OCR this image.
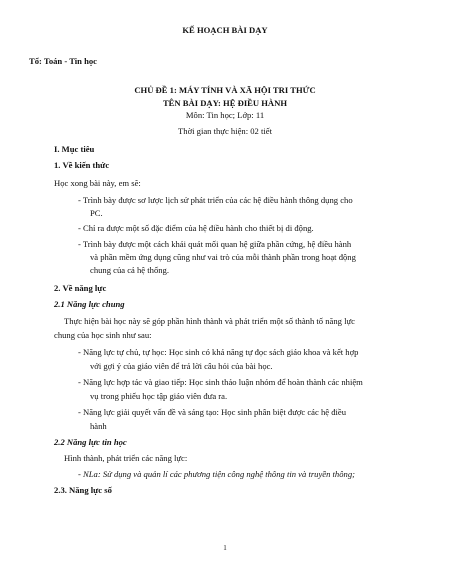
KẾ HOẠCH BÀI DẠY
Tổ: Toán - Tin học
CHỦ ĐỀ 1: MÁY TÍNH VÀ XÃ HỘI TRI THỨC
TÊN BÀI DẠY: HỆ ĐIỀU HÀNH
Môn: Tin học; Lớp: 11
Thời gian thực hiện: 02 tiết
I. Mục tiêu
1. Về kiến thức
Học xong bài này, em sẽ:
- Trình bày được sơ lược lịch sử phát triển của các hệ điều hành thông dụng cho
PC.
- Chỉ ra được một số đặc điểm của hệ điều hành cho thiết bị di động.
- Trình bày được một cách khái quát mối quan hệ giữa phần cứng, hệ điều hành
và phần mềm ứng dụng cũng như vai trò của mỗi thành phần trong hoạt động
chung của cả hệ thống.
2. Về năng lực
2.1 Năng lực chung
Thực hiện bài học này sẽ góp phần hình thành và phát triển một số thành tố năng lực
chung của học sinh như sau:
- Năng lực tự chủ, tự học: Học sinh có khả năng tự đọc sách giáo khoa và kết hợp
với gợi ý của giáo viên để trả lời câu hỏi của bài học.
- Năng lực hợp tác và giao tiếp: Học sinh thảo luận nhóm để hoàn thành các nhiệm
vụ trong phiếu học tập giáo viên đưa ra.
- Năng lực giải quyết vấn đề và sáng tạo: Học sinh phân biệt được các hệ điều
hành
2.2 Năng lực tin học
Hình thành, phát triển các năng lực:
- NLa: Sử dụng và quản lí các phương tiện công nghệ thông tin và truyền thông;
2.3. Năng lực số
1
